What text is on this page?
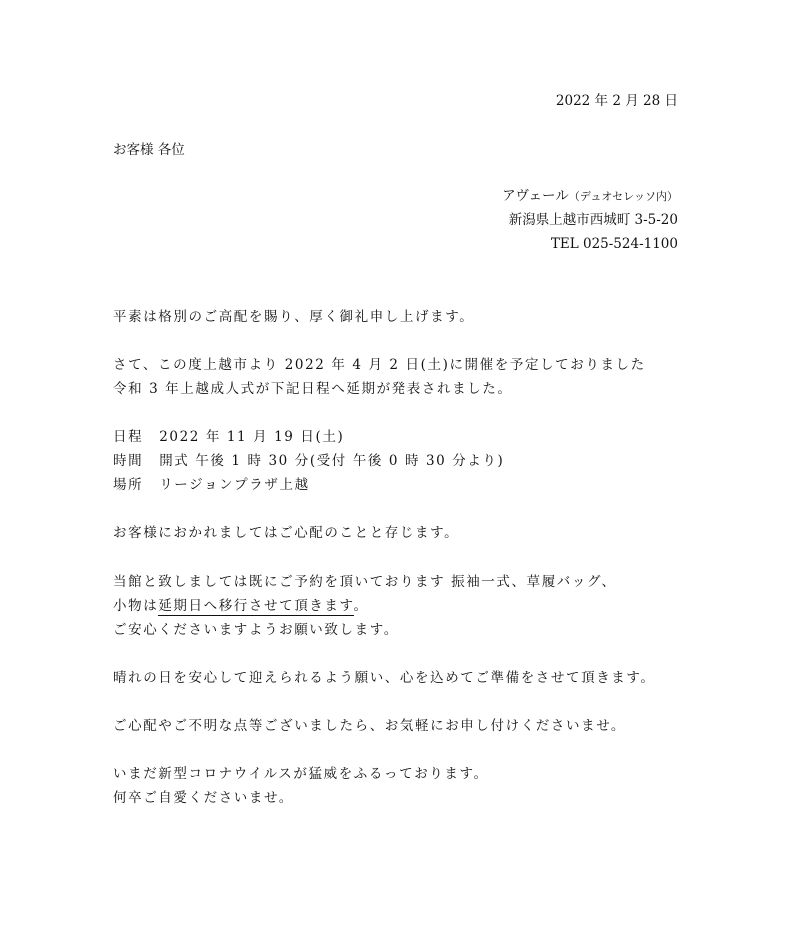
2022 年 2 月 28 日
お客様 各位
アヴェール（デュオセレッソ内）
新潟県上越市西城町 3-5-20
TEL 025-524-1100
平素は格別のご高配を賜り、厚く御礼申し上げます。
さて、この度上越市より 2022 年 4 月 2 日(土)に開催を予定しておりました
令和 3 年上越成人式が下記日程へ延期が発表されました。
日程 2022 年 11 月 19 日(土)
時間 開式 午後 1 時 30 分(受付 午後 0 時 30 分より)
場所 リージョンプラザ上越
お客様におかれましてはご心配のことと存じます。
当館と致しましては既にご予約を頂いております 振袖一式、草履バッグ、
小物は延期日へ移行させて頂きます。
ご安心くださいますようお願い致します。
晴れの日を安心して迎えられるよう願い、心を込めてご準備をさせて頂きます。
ご心配やご不明な点等ございましたら、お気軽にお申し付けくださいませ。
いまだ新型コロナウイルスが猛威をふるっております。
何卒ご自愛くださいませ。
